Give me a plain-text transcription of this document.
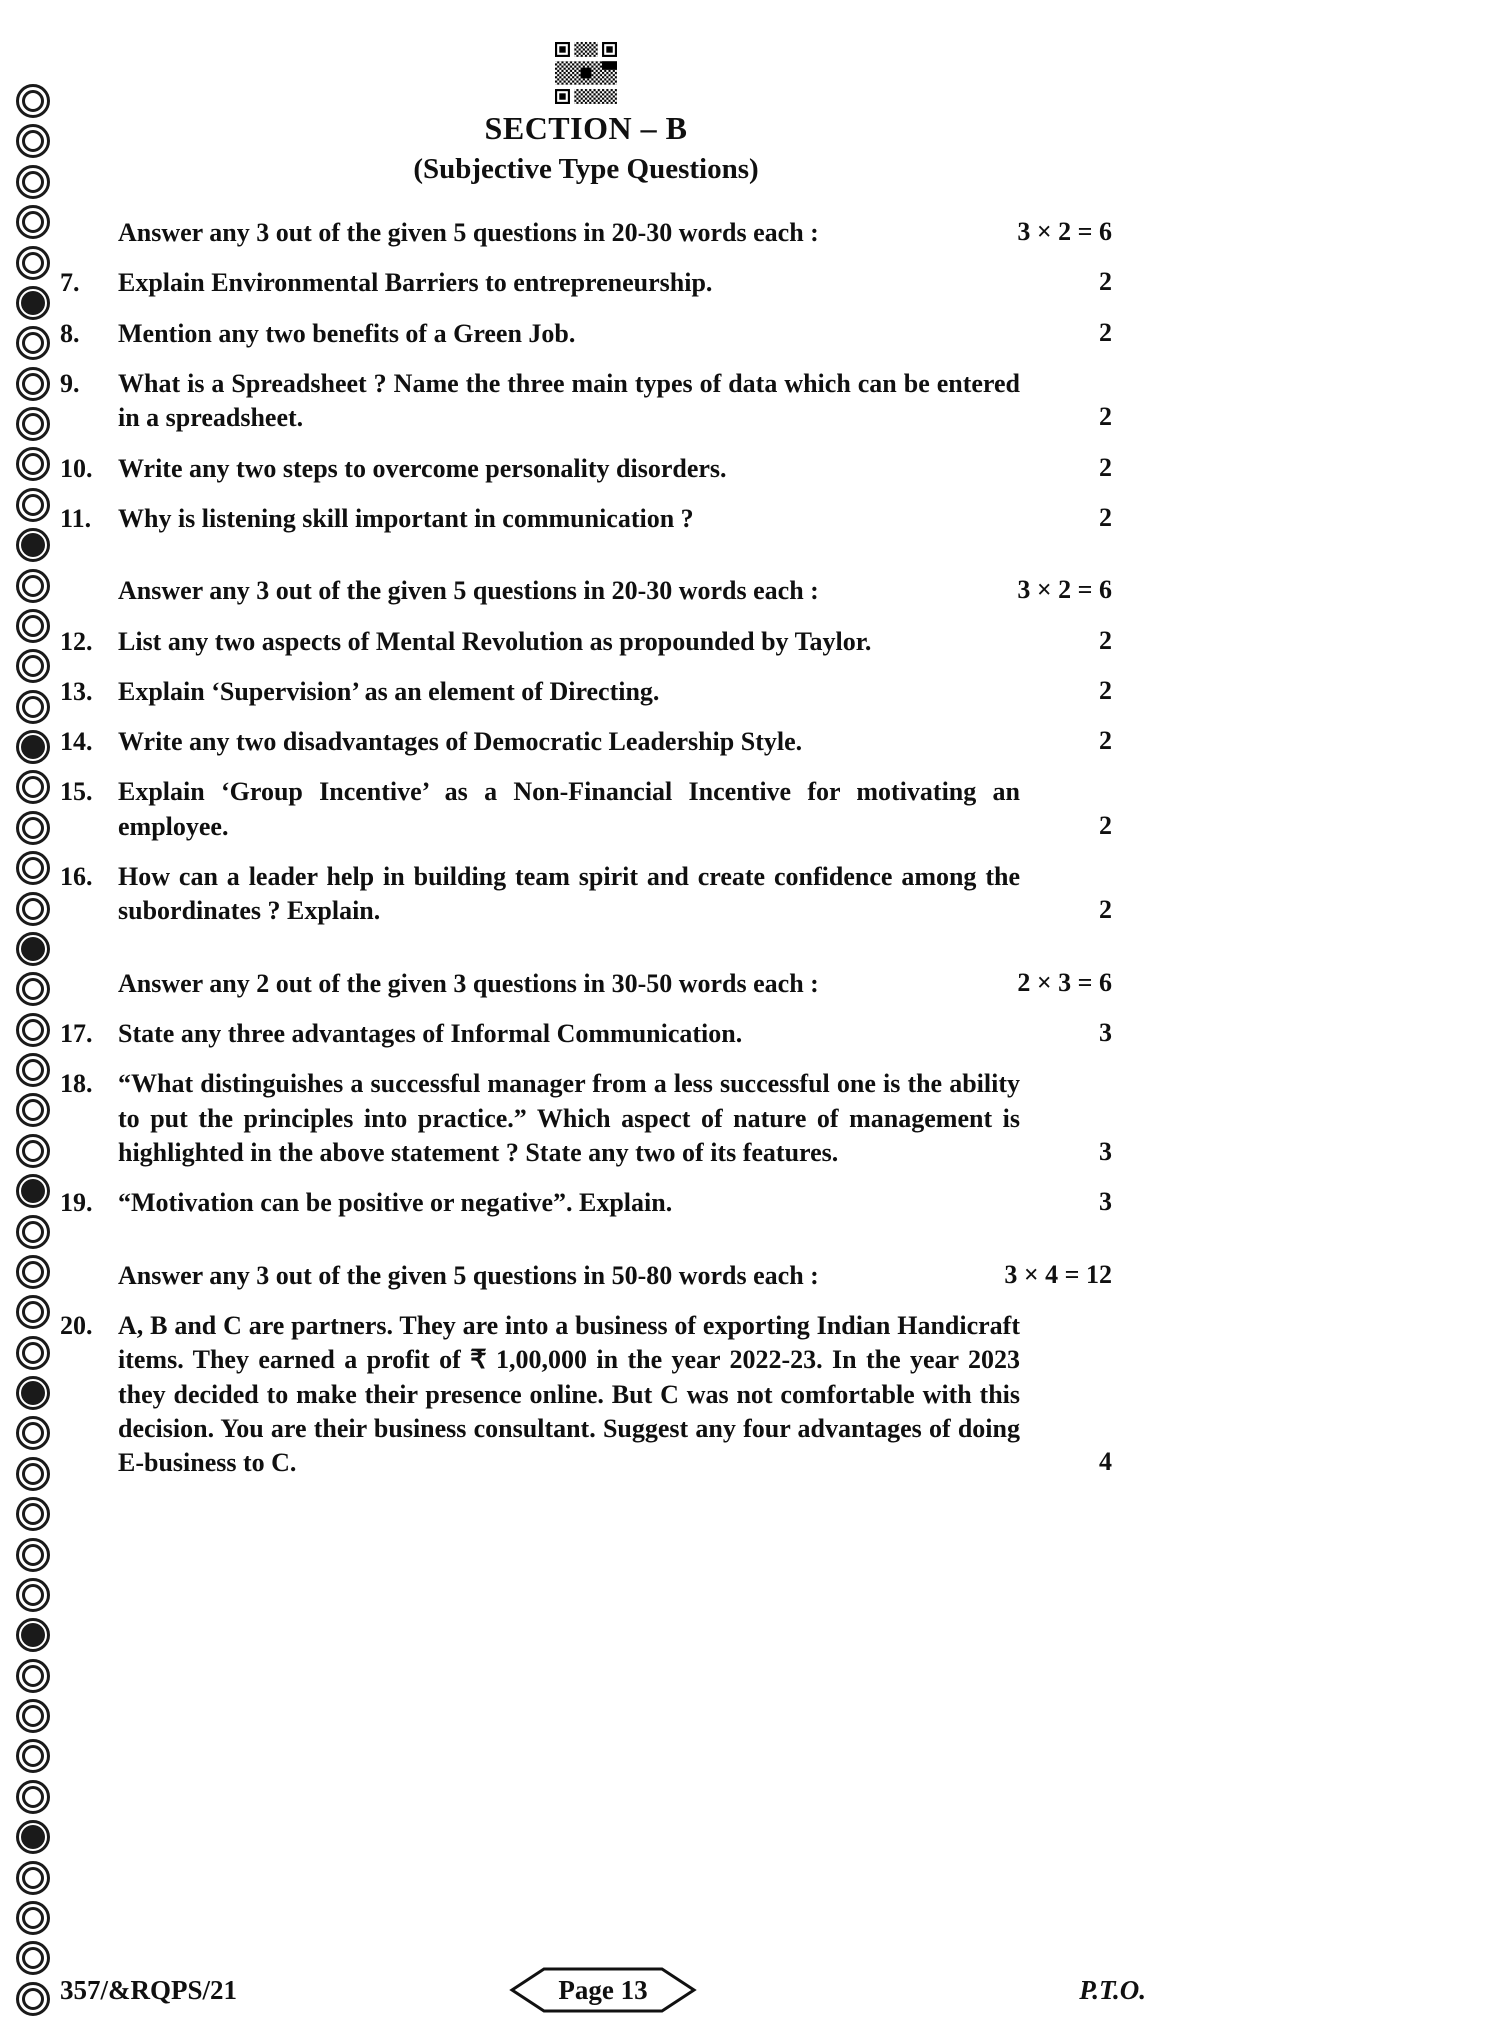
SECTION – B
(Subjective Type Questions)
Answer any 3 out of the given 5 questions in 20-30 words each :	3 × 2 = 6
7.	Explain Environmental Barriers to entrepreneurship.	2
8.	Mention any two benefits of a Green Job.	2
9.	What is a Spreadsheet ? Name the three main types of data which can be entered in a spreadsheet.	2
10. Write any two steps to overcome personality disorders.	2
11.	Why is listening skill important in communication ?	2
Answer any 3 out of the given 5 questions in 20-30 words each :	3 × 2 = 6
12. List any two aspects of Mental Revolution as propounded by Taylor.	2
13. Explain ‘Supervision’ as an element of Directing.	2
14. Write any two disadvantages of Democratic Leadership Style.	2
15. Explain ‘Group Incentive’ as a Non-Financial Incentive for motivating an employee.	2
16. How can a leader help in building team spirit and create confidence among the subordinates ? Explain.	2
Answer any 2 out of the given 3 questions in 30-50 words each :	2 × 3 = 6
17. State any three advantages of Informal Communication.	3
18. “What distinguishes a successful manager from a less successful one is the ability to put the principles into practice.” Which aspect of nature of management is highlighted in the above statement ? State any two of its features.	3
19. “Motivation can be positive or negative”. Explain.	3
Answer any 3 out of the given 5 questions in 50-80 words each :	3 × 4 = 12
20. A, B and C are partners. They are into a business of exporting Indian Handicraft items. They earned a profit of ₹ 1,00,000 in the year 2022-23. In the year 2023 they decided to make their presence online. But C was not comfortable with this decision. You are their business consultant. Suggest any four advantages of doing E-business to C.	4
357/&RQPS/21	Page 13	P.T.O.
